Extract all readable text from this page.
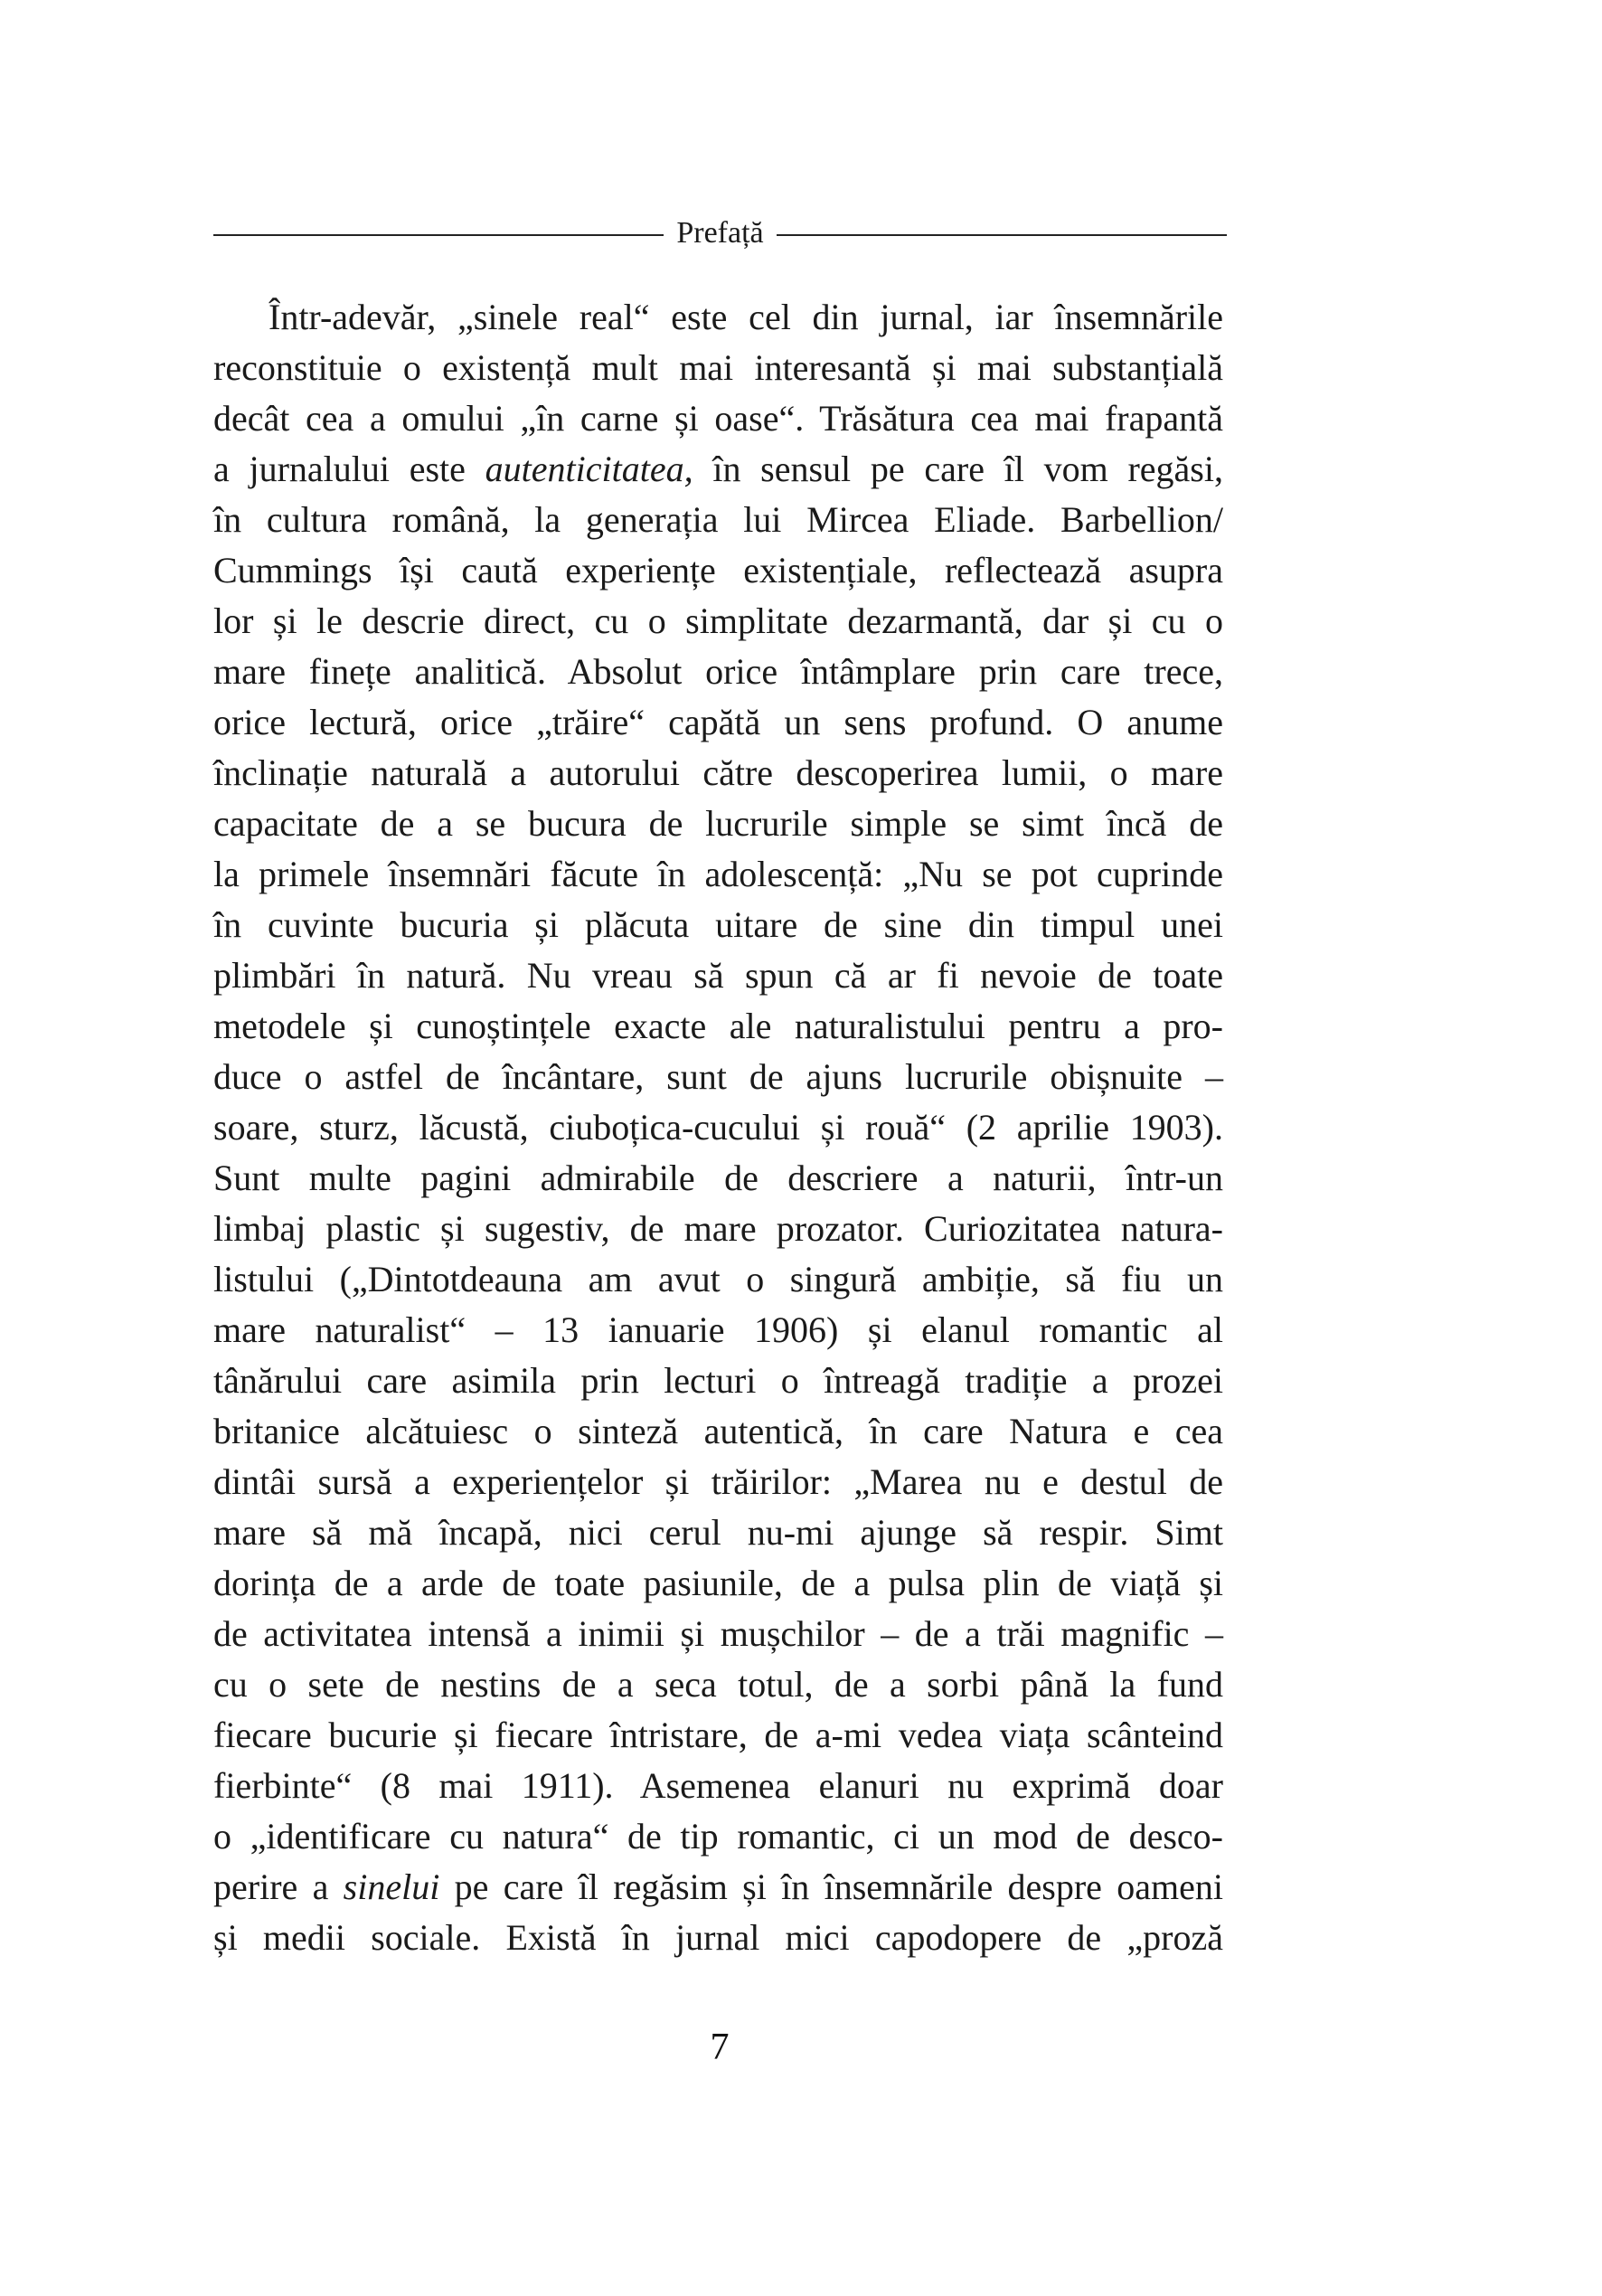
Prefață
Într-adevăr, „sinele real“ este cel din jurnal, iar însemnările
reconstituie o existență mult mai interesantă și mai substanțială
decât cea a omului „în carne și oase“. Trăsătura cea mai frapantă
a jurnalului este autenticitatea, în sensul pe care îl vom regăsi,
în cultura română, la generația lui Mircea Eliade. Barbellion/
Cummings își caută experiențe existențiale, reflectează asupra
lor și le descrie direct, cu o simplitate dezarmantă, dar și cu o
mare finețe analitică. Absolut orice întâmplare prin care trece,
orice lectură, orice „trăire“ capătă un sens profund. O anume
înclinație naturală a autorului către descoperirea lumii, o mare
capacitate de a se bucura de lucrurile simple se simt încă de
la primele însemnări făcute în adolescență: „Nu se pot cuprinde
în cuvinte bucuria și plăcuta uitare de sine din timpul unei
plimbări în natură. Nu vreau să spun că ar fi nevoie de toate
metodele și cunoștințele exacte ale naturalistului pentru a pro-
duce o astfel de încântare, sunt de ajuns lucrurile obișnuite –
soare, sturz, lăcustă, ciuboțica-cucului și rouă“ (2 aprilie 1903).
Sunt multe pagini admirabile de descriere a naturii, într-un
limbaj plastic și sugestiv, de mare prozator. Curiozitatea natura-
listului („Dintotdeauna am avut o singură ambiție, să fiu un
mare naturalist“ – 13 ianuarie 1906) și elanul romantic al
tânărului care asimila prin lecturi o întreagă tradiție a prozei
britanice alcătuiesc o sinteză autentică, în care Natura e cea
dintâi sursă a experiențelor și trăirilor: „Marea nu e destul de
mare să mă încapă, nici cerul nu-mi ajunge să respir. Simt
dorința de a arde de toate pasiunile, de a pulsa plin de viață și
de activitatea intensă a inimii și mușchilor – de a trăi magnific –
cu o sete de nestins de a seca totul, de a sorbi până la fund
fiecare bucurie și fiecare întristare, de a-mi vedea viața scânteind
fierbinte“ (8 mai 1911). Asemenea elanuri nu exprimă doar
o „identificare cu natura“ de tip romantic, ci un mod de desco-
perire a sinelui pe care îl regăsim și în însemnările despre oameni
și medii sociale. Există în jurnal mici capodopere de „proză
7
